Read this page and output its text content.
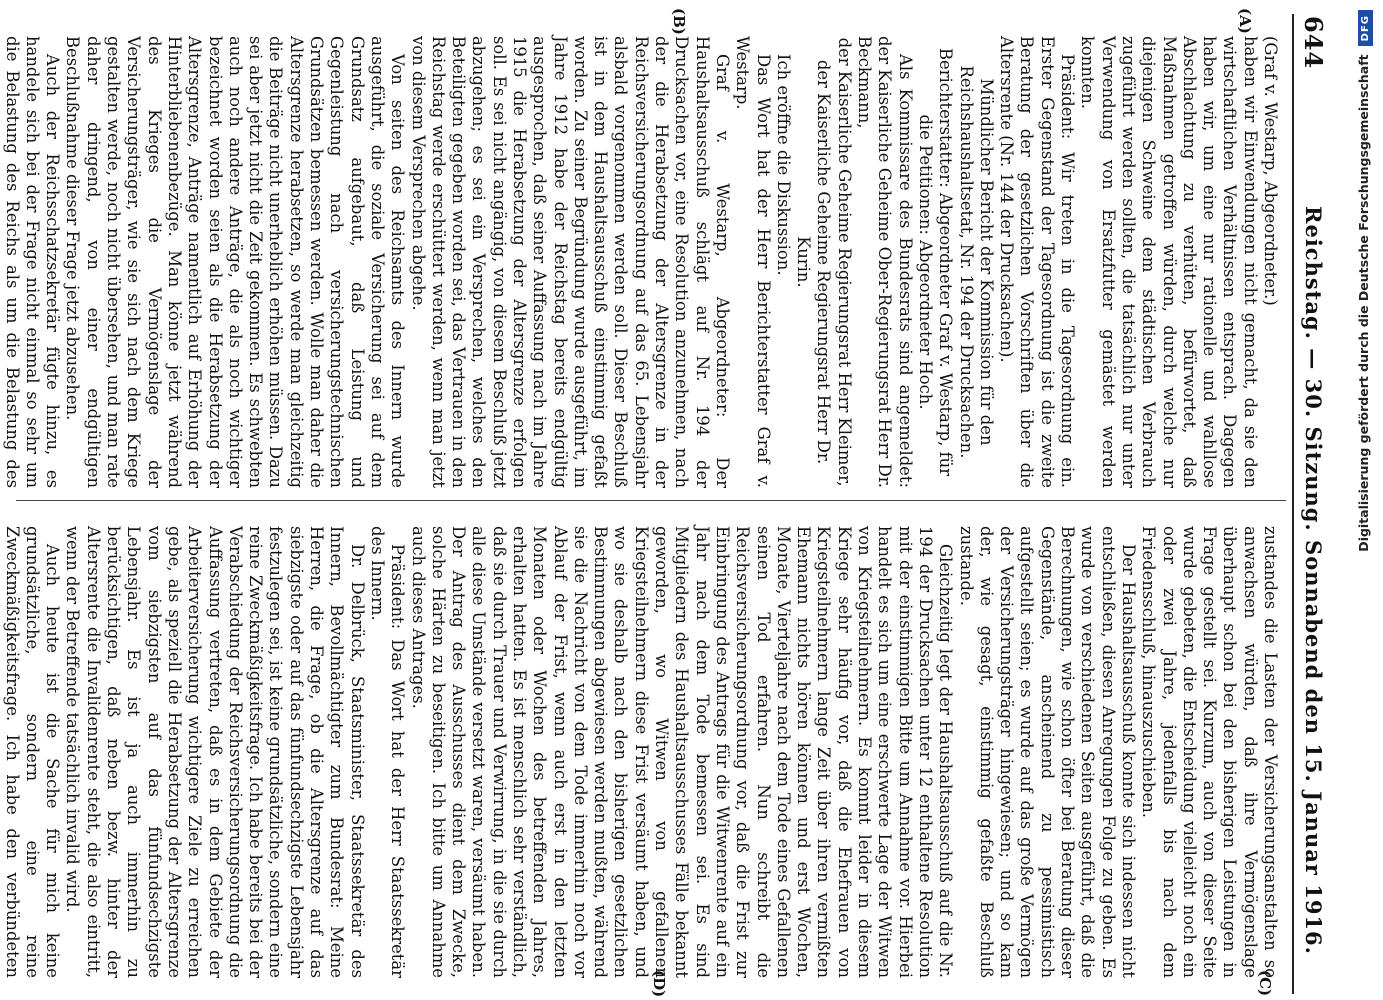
644
Reichstag. — 30. Sitzung. Sonnabend den 15. Januar 1916.
(A)
(B)
(C)
(D)

(Graf v. Westarp, Abgeordneter.)

haben wir Einwendungen nicht gemacht, da sie den wirtschaftlichen Verhältnissen entsprach. Dagegen haben wir, um eine nur rationelle und wahllose Abschlachtung zu verhüten, befürwortet, daß Maßnahmen getroffen würden, durch welche nur diejenigen Schweine dem städtischen Verbrauch zugeführt werden sollten, die tatsächlich nur unter Verwendung von Ersatzfutter gemästet werden konnten.

Präsident: Wir treten in die Tagesordnung ein. Erster Gegenstand der Tagesordnung ist die zweite Beratung der gesetzlichen Vorschriften über die Altersrente (Nr. 144 der Drucksachen).

Mündlicher Bericht der Kommission für den Reichshaushaltsetat, Nr. 194 der Drucksachen.

Berichterstatter: Abgeordneter Graf v. Westarp, für die Petitionen: Abgeordneter Hoch.

Als Kommissare des Bundesrats sind angemeldet: der Kaiserliche Geheime Ober-Regierungsrat Herr Dr. Beckmann,

der Kaiserliche Geheime Regierungsrat Herr Kleimer,

der Kaiserliche Geheime Regierungsrat Herr Dr. Kurin.

Ich eröffne die Diskussion.

Das Wort hat der Herr Berichterstatter Graf v. Westarp.

Graf v. Westarp, Abgeordneter: Der Haushaltsausschuß schlägt auf Nr. 194 der Drucksachen vor, eine Resolution anzunehmen, nach der die Herabsetzung der Altersgrenze in der Reichsversicherungsordnung auf das 65. Lebensjahr alsbald vorgenommen werden soll. Dieser Beschluß ist in dem Haushaltsausschuß einstimmig gefaßt worden. Zu seiner Begründung wurde ausgeführt, im Jahre 1912 habe der Reichstag bereits endgültig ausgesprochen, daß seiner Auffassung nach im Jahre 1915 die Herabsetzung der Altersgrenze erfolgen soll. Es sei nicht angängig, von diesem Beschluß jetzt abzugehen; es sei ein Versprechen, welches den Beteiligten gegeben worden sei, das Vertrauen in den Reichstag werde erschüttert werden, wenn man jetzt von diesem Versprechen abgehe.

Von seiten des Reichsamts des Innern wurde ausgeführt, die soziale Versicherung sei auf dem Grundsatz aufgebaut, daß Leistung und Gegenleistung nach versicherungstechnischen Grundsätzen bemessen werden. Wolle man daher die Altersgrenze herabsetzen, so werde man gleichzeitig die Beiträge nicht unerheblich erhöhen müssen. Dazu sei aber jetzt nicht die Zeit gekommen. Es schwebten auch noch andere Anträge, die als noch wichtiger bezeichnet worden seien als die Herabsetzung der Altersgrenze, Anträge namentlich auf Erhöhung der Hinterbliebenenbezüge. Man könne jetzt während des Krieges die Vermögenslage der Versicherungsträger, wie sie sich nach dem Kriege gestalten werde, noch nicht übersehen, und man rate daher dringend, von einer endgültigen Beschlußnahme dieser Frage jetzt abzusehen.

Auch der Reichsschatzsekretär fügte hinzu, es handele sich bei der Frage nicht einmal so sehr um die Belastung des Reichs als um die Belastung des

zustandes die Lasten der Versicherungsanstalten so anwachsen würden, daß ihre Vermögenslage überhaupt schon bei den bisherigen Leistungen in Frage gestellt sei. Kurzum, auch von dieser Seite wurde gebeten, die Entscheidung vielleicht noch ein oder zwei Jahre, jedenfalls bis nach dem Friedensschluß, hinauszuschieben.

Der Haushaltsausschuß konnte sich indessen nicht entschließen, diesen Anregungen Folge zu geben. Es wurde von verschiedenen Seiten ausgeführt, daß die Berechnungen, wie schon öfter bei Beratung dieser Gegenstände, anscheinend zu pessimistisch aufgestellt seien; es wurde auf das große Vermögen der Versicherungsträger hingewiesen; und so kam der, wie gesagt, einstimmig gefaßte Beschluß zustande.

Gleichzeitig legt der Haushaltsausschuß auf die Nr. 194 der Drucksachen unter 12 enthaltene Resolution mit der einstimmigen Bitte um Annahme vor. Hierbei handelt es sich um eine erschwerte Lage der Witwen von Kriegsteilnehmern. Es kommt leider in diesem Kriege sehr häufig vor, daß die Ehefrauen von Kriegsteilnehmern lange Zeit über ihren vermißten Ehemann nichts hören können und erst Wochen, Monate, Vierteljahre nach dem Tode eines Gefallenen seinen Tod erfahren. Nun schreibt die Reichsversicherungsordnung vor, daß die Frist zur Einbringung des Antrags für die Witwenrente auf ein Jahr nach dem Tode bemessen sei. Es sind Mitgliedern des Haushaltsausschusses Fälle bekannt geworden, wo Witwen von gefallenen Kriegsteilnehmern diese Frist versäumt haben, und wo sie deshalb nach den bisherigen gesetzlichen Bestimmungen abgewiesen werden mußten, während sie die Nachricht von dem Tode immerhin noch vor Ablauf der Frist, wenn auch erst in den letzten Monaten oder Wochen des betreffenden Jahres, erhalten hatten. Es ist menschlich sehr verständlich, daß sie durch Trauer und Verwirrung, in die sie durch alle diese Umstände versetzt waren, versäumt haben. Der Antrag des Ausschusses dient dem Zwecke, solche Härten zu beseitigen. Ich bitte um Annahme auch dieses Antrages.

Präsident: Das Wort hat der Herr Staatssekretär des Innern.

Dr. Delbrück, Staatsminister, Staatssekretär des Innern, Bevollmächtigter zum Bundesrat: Meine Herren, die Frage, ob die Altersgrenze auf das siebzigste oder auf das fünfundsechzigste Lebensjahr festzulegen sei, ist keine grundsätzliche, sondern eine reine Zweckmäßigkeitsfrage. Ich habe bereits bei der Verabschiedung der Reichsversicherungsordnung die Auffassung vertreten, daß es in dem Gebiete der Arbeiterversicherung wichtigere Ziele zu erreichen gebe, als speziell die Herabsetzung der Altersgrenze vom siebzigsten auf das fünfundsechzigste Lebensjahr. Es ist ja auch immerhin zu berücksichtigen, daß neben bezw. hinter der Altersrente die Invalidenrente steht, die also eintritt, wenn der Betreffende tatsächlich invalid wird.

Auch heute ist die Sache für mich keine grundsätzliche, sondern eine reine Zweckmäßigkeitsfrage. Ich habe den verbündeten

Digitalisierung gefördert durch die Deutsche ForschungsgemeinschaftDFG
